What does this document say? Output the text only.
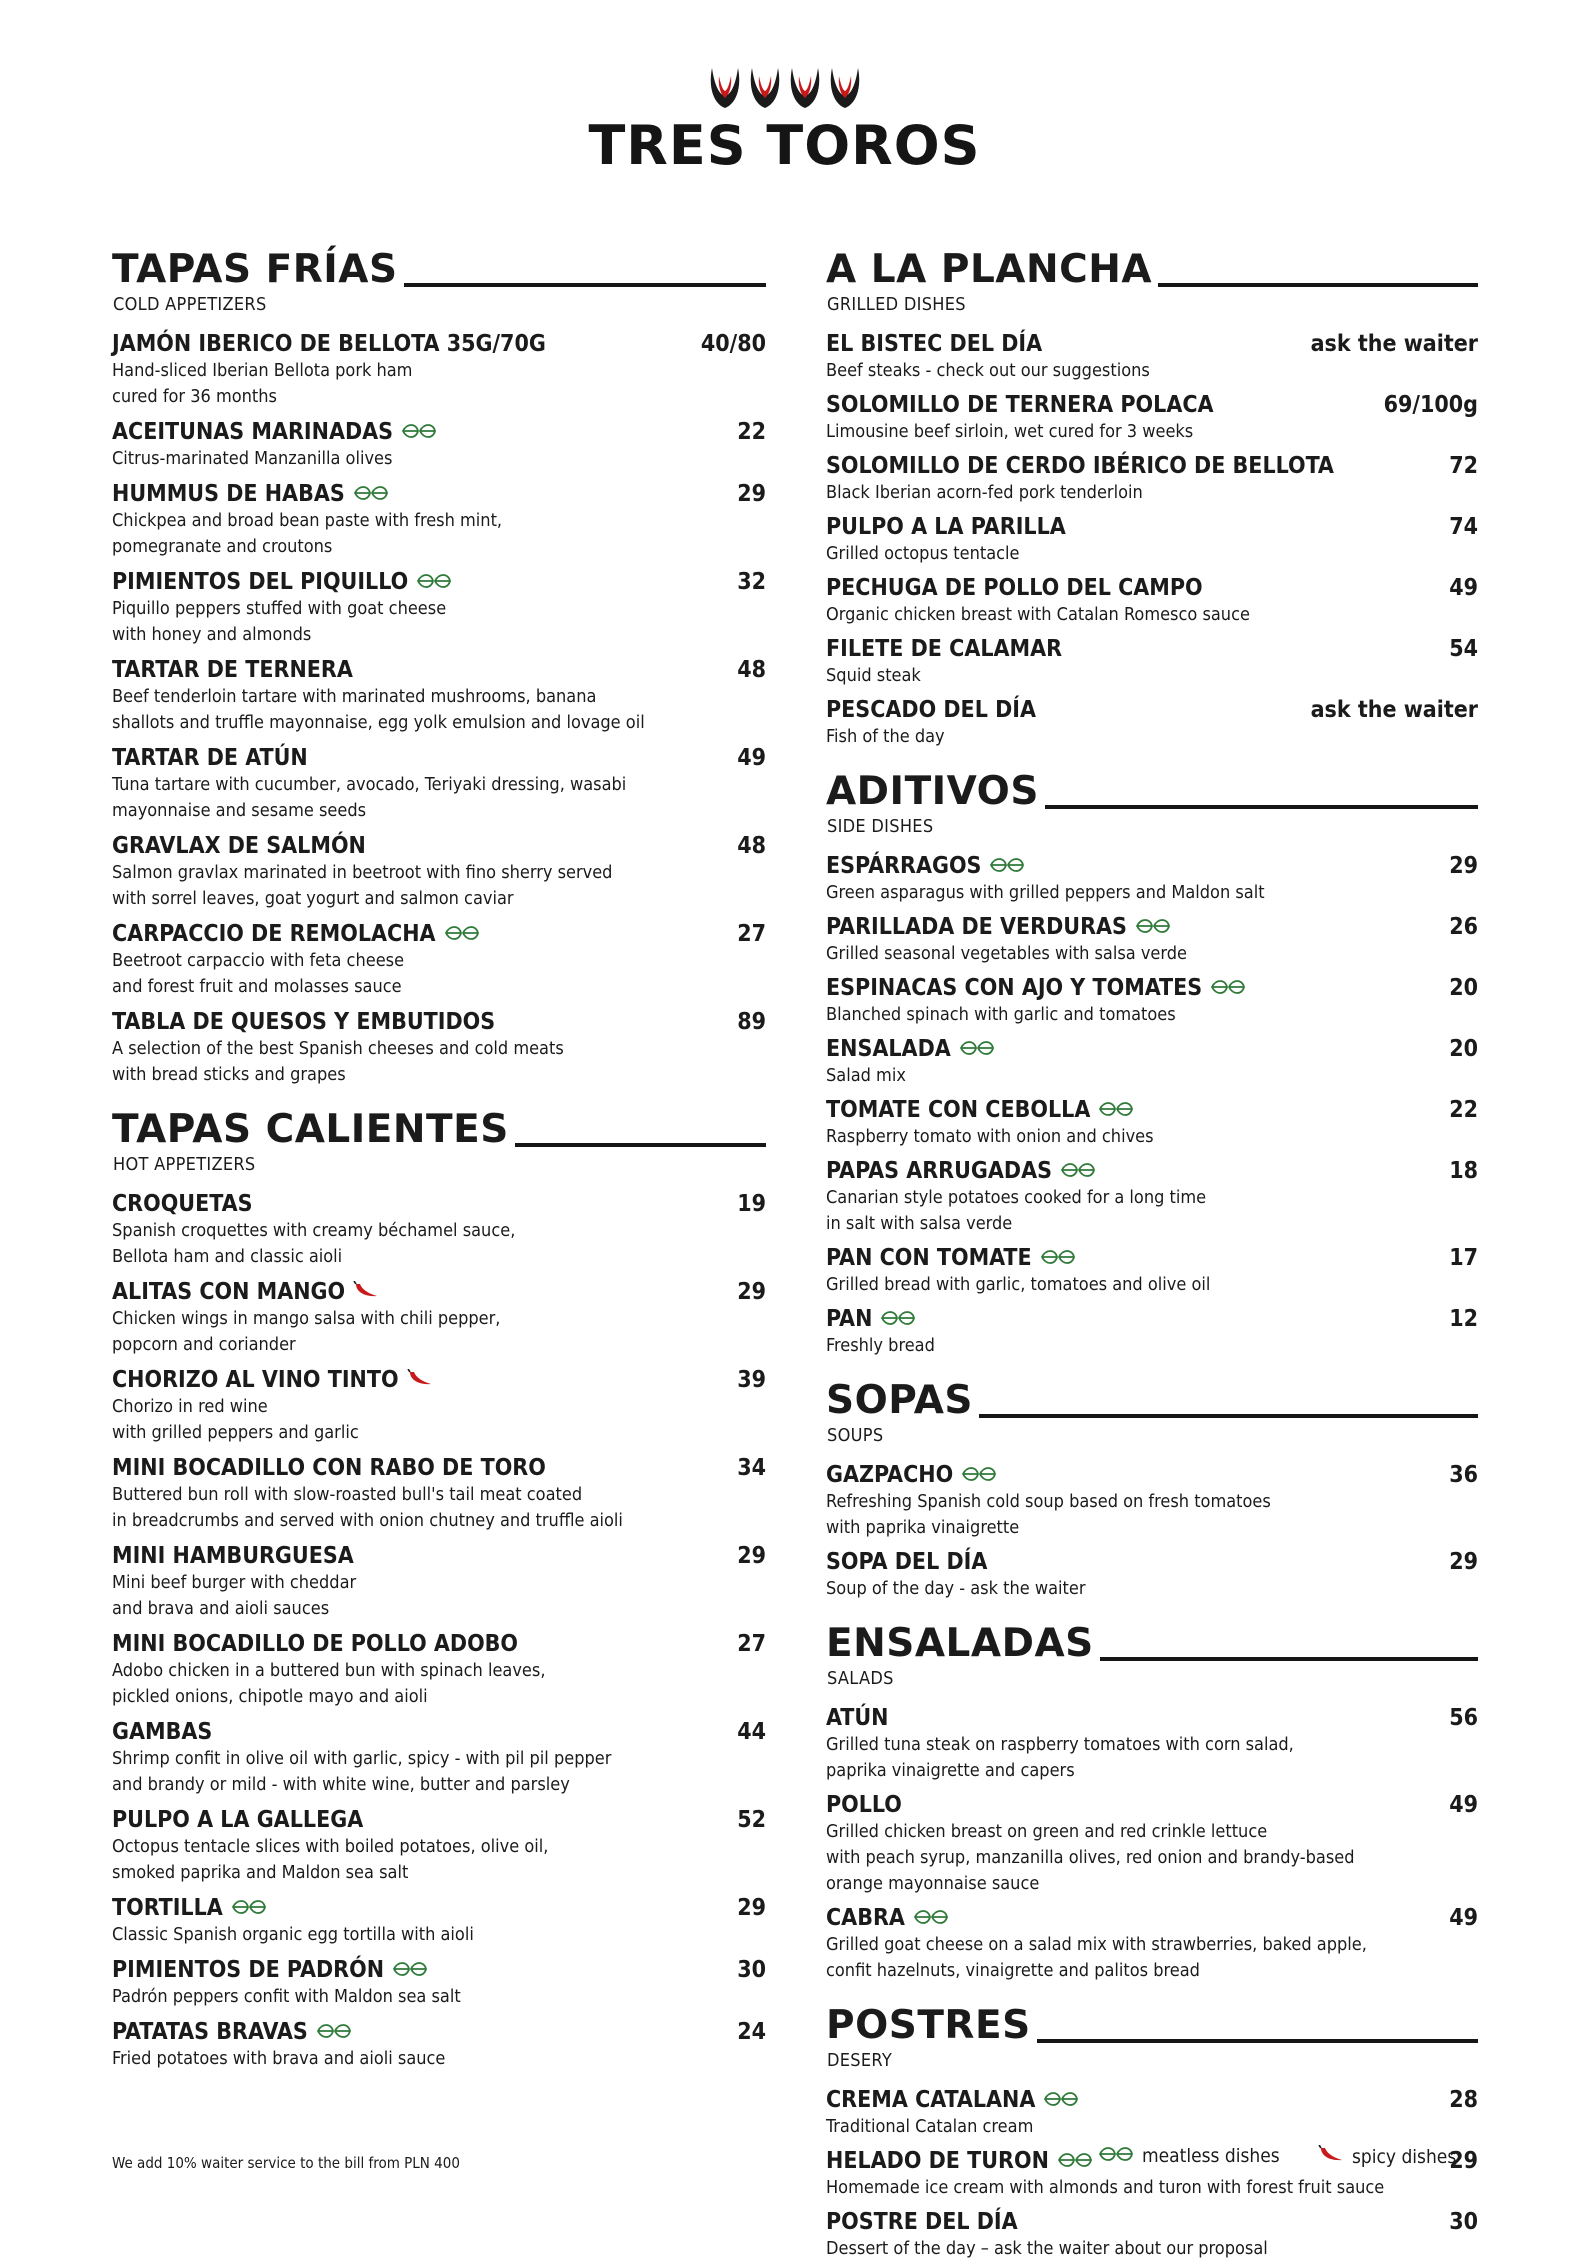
TRES TOROS
TAPAS FRÍAS
COLD APPETIZERS
JAMÓN IBERICO DE BELLOTA 35G/70G	40/80
Hand-sliced Iberian Bellota pork ham
cured for 36 months
ACEITUNAS MARINADAS	22
Citrus-marinated Manzanilla olives
HUMMUS DE HABAS	29
Chickpea and broad bean paste with fresh mint,
pomegranate and croutons
PIMIENTOS DEL PIQUILLO	32
Piquillo peppers stuffed with goat cheese
with honey and almonds
TARTAR DE TERNERA	48
Beef tenderloin tartare with marinated mushrooms, banana
shallots and truffle mayonnaise, egg yolk emulsion and lovage oil
TARTAR DE ATÚN	49
Tuna tartare with cucumber, avocado, Teriyaki dressing, wasabi
mayonnaise and sesame seeds
GRAVLAX DE SALMÓN	48
Salmon gravlax marinated in beetroot with fino sherry served
with sorrel leaves, goat yogurt and salmon caviar
CARPACCIO DE REMOLACHA	27
Beetroot carpaccio with feta cheese
and forest fruit and molasses sauce
TABLA DE QUESOS Y EMBUTIDOS	89
A selection of the best Spanish cheeses and cold meats
with bread sticks and grapes
TAPAS CALIENTES
HOT APPETIZERS
CROQUETAS	19
Spanish croquettes with creamy béchamel sauce,
Bellota ham and classic aioli
ALITAS CON MANGO	29
Chicken wings in mango salsa with chili pepper,
popcorn and coriander
CHORIZO AL VINO TINTO	39
Chorizo in red wine
with grilled peppers and garlic
MINI BOCADILLO CON RABO DE TORO	34
Buttered bun roll with slow-roasted bull's tail meat coated
in breadcrumbs and served with onion chutney and truffle aioli
MINI HAMBURGUESA	29
Mini beef burger with cheddar
and brava and aioli sauces
MINI BOCADILLO DE POLLO ADOBO	27
Adobo chicken in a buttered bun with spinach leaves,
pickled onions, chipotle mayo and aioli
GAMBAS	44
Shrimp confit in olive oil with garlic, spicy - with pil pil pepper
and brandy or mild - with white wine, butter and parsley
PULPO A LA GALLEGA	52
Octopus tentacle slices with boiled potatoes, olive oil,
smoked paprika and Maldon sea salt
TORTILLA	29
Classic Spanish organic egg tortilla with aioli
PIMIENTOS DE PADRÓN	30
Padrón peppers confit with Maldon sea salt
PATATAS BRAVAS	24
Fried potatoes with brava and aioli sauce
A LA PLANCHA
GRILLED DISHES
EL BISTEC DEL DÍA	ask the waiter
Beef steaks - check out our suggestions
SOLOMILLO DE TERNERA POLACA	69/100g
Limousine beef sirloin, wet cured for 3 weeks
SOLOMILLO DE CERDO IBÉRICO DE BELLOTA	72
Black Iberian acorn-fed pork tenderloin
PULPO A LA PARILLA	74
Grilled octopus tentacle
PECHUGA DE POLLO DEL CAMPO	49
Organic chicken breast with Catalan Romesco sauce
FILETE DE CALAMAR	54
Squid steak
PESCADO DEL DÍA	ask the waiter
Fish of the day
ADITIVOS
SIDE DISHES
ESPÁRRAGOS	29
Green asparagus with grilled peppers and Maldon salt
PARILLADA DE VERDURAS	26
Grilled seasonal vegetables with salsa verde
ESPINACAS CON AJO Y TOMATES	20
Blanched spinach with garlic and tomatoes
ENSALADA	20
Salad mix
TOMATE CON CEBOLLA	22
Raspberry tomato with onion and chives
PAPAS ARRUGADAS	18
Canarian style potatoes cooked for a long time
in salt with salsa verde
PAN CON TOMATE	17
Grilled bread with garlic, tomatoes and olive oil
PAN	12
Freshly bread
SOPAS
SOUPS
GAZPACHO	36
Refreshing Spanish cold soup based on fresh tomatoes
with paprika vinaigrette
SOPA DEL DÍA	29
Soup of the day - ask the waiter
ENSALADAS
SALADS
ATÚN	56
Grilled tuna steak on raspberry tomatoes with corn salad,
paprika vinaigrette and capers
POLLO	49
Grilled chicken breast on green and red crinkle lettuce
with peach syrup, manzanilla olives, red onion and brandy-based
orange mayonnaise sauce
CABRA	49
Grilled goat cheese on a salad mix with strawberries, baked apple,
confit hazelnuts, vinaigrette and palitos bread
POSTRES
DESERY
CREMA CATALANA	28
Traditional Catalan cream
HELADO DE TURON	29
Homemade ice cream with almonds and turon with forest fruit sauce
POSTRE DEL DÍA	30
Dessert of the day – ask the waiter about our proposal
We add 10% waiter service to the bill from PLN 400	meatless dishes	spicy dishes
